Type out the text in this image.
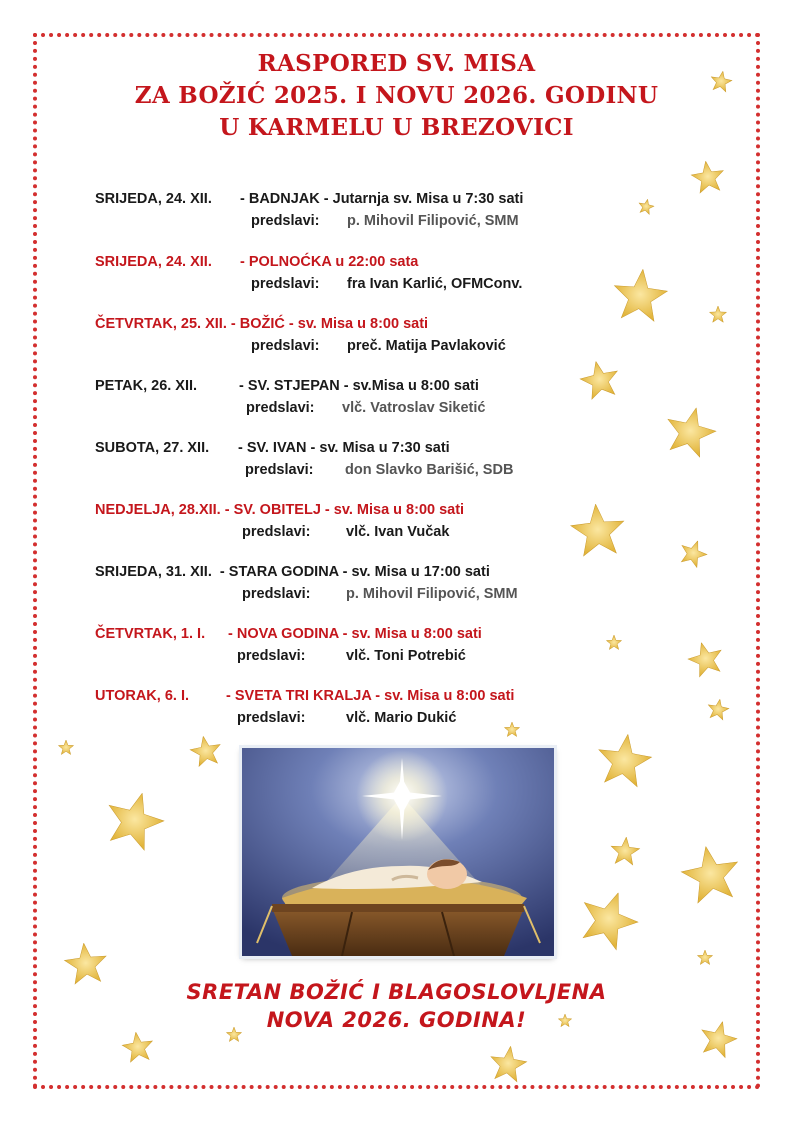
RASPORED SV. MISA
ZA BOŽIĆ 2025. I NOVU 2026. GODINU
U KARMELU U BREZOVICI
SRIJEDA, 24. XII. - BADNJAK - Jutarnja sv. Misa u 7:30 sati
predslavi: p. Mihovil Filipović, SMM
SRIJEDA, 24. XII. - POLNOĆKA u 22:00 sata
predslavi: fra Ivan Karlić, OFMConv.
ČETVRTAK, 25. XII. - BOŽIĆ - sv. Misa u 8:00 sati
predslavi: preč. Matija Pavlaković
PETAK, 26. XII.	- SV. STJEPAN - sv.Misa u 8:00 sati
predslavi: vlč. Vatroslav Siketić
SUBOTA, 27. XII. - SV. IVAN - sv. Misa u 7:30 sati
predslavi: don Slavko Barišić, SDB
NEDJELJA, 28.XII. - SV. OBITELJ - sv. Misa u 8:00 sati
predslavi: vlč. Ivan Vučak
SRIJEDA, 31. XII. - STARA GODINA - sv. Misa u 17:00 sati
predslavi: p. Mihovil Filipović, SMM
ČETVRTAK, 1. I. - NOVA GODINA - sv. Misa u 8:00 sati
predslavi:	vlč. Toni Potrebić
UTORAK, 6. I.	- SVETA TRI KRALJA - sv. Misa u 8:00 sati
predslavi:	vlč. Mario Dukić
SRETAN BOŽIĆ I BLAGOSLOVLJENA
NOVA 2026. GODINA!
